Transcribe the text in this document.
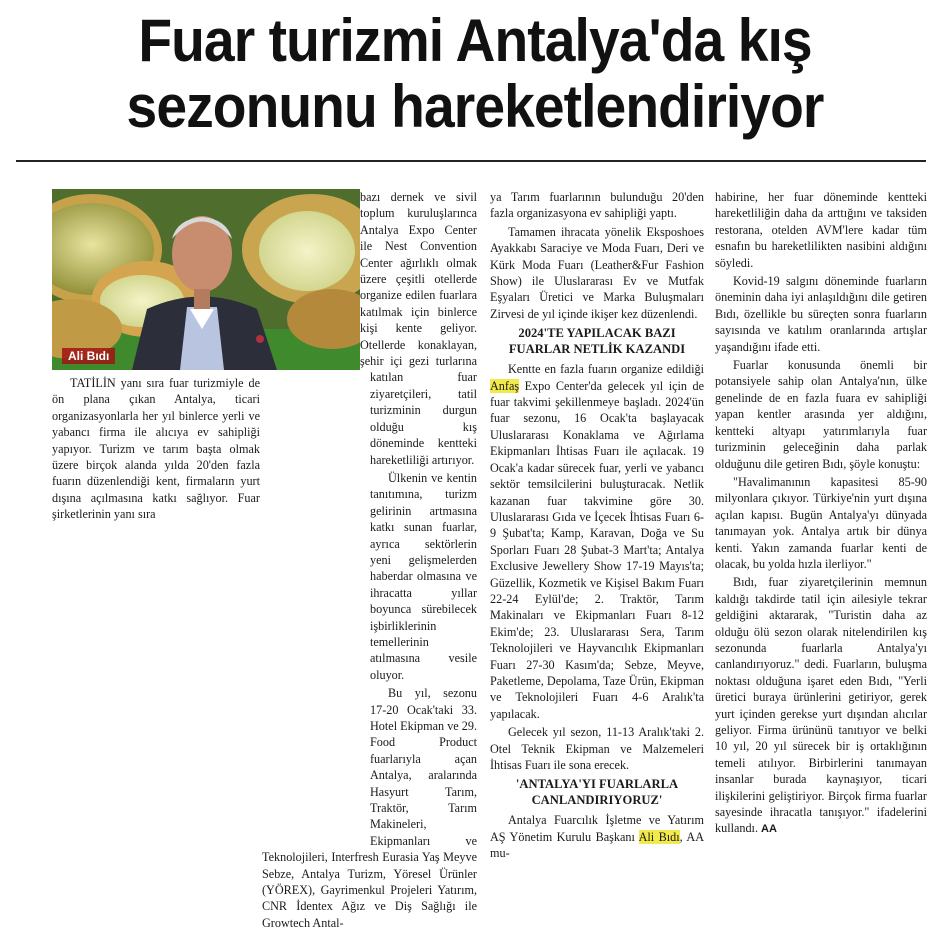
Fuar turizmi Antalya'da kış
sezonunu hareketlendiriyor
Ali Bıdı

TATİLİN yanı sıra fuar turizmiyle de ön plana çıkan Antalya, ticari organizasyonlarla her yıl binlerce yerli ve yabancı firma ile alıcıya ev sahipliği yapıyor. Turizm ve tarım başta olmak üzere birçok alanda yılda 20'den fazla fuarın düzenlendiği kent, firmaların yurt dışına açılmasına katkı sağlıyor. Fuar şirketlerinin yanı sıra

bazı dernek ve sivil toplum kuruluşlarınca Antalya Expo Center ile Nest Convention Center ağırlıklı olmak üzere çeşitli otellerde organize edilen fuarlara katılmak için binlerce kişi kente geliyor. Otellerde konaklayan, şehir içi gezi turlarına katılan fuar ziyaretçileri, tatil turizminin durgun olduğu kış döneminde kentteki hareketliliği artırıyor.

Ülkenin ve kentin tanıtımına, turizm gelirinin artmasına katkı sunan fuarlar, ayrıca sektörlerin yeni gelişmelerden haberdar olmasına ve ihracatta yıllar boyunca sürebilecek işbirliklerinin temellerinin atılmasına vesile oluyor.

Bu yıl, sezonu 17-20 Ocak'taki 33. Hotel Ekipman ve 29. Food Product fuarlarıyla açan Antalya, aralarında Hasyurt Tarım, Traktör, Tarım Makineleri, Ekipmanları ve Teknolojileri, Interfresh Eurasia Yaş Meyve Sebze, Antalya Turizm, Yöresel Ürünler (YÖREX), Gayrimenkul Projeleri Yatırım, CNR İdentex Ağız ve Diş Sağlığı ile Growtech Antal-

ya Tarım fuarlarının bulunduğu 20'den fazla organizasyona ev sahipliği yaptı.

Tamamen ihracata yönelik Eksposhoes Ayakkabı Saraciye ve Moda Fuarı, Deri ve Kürk Moda Fuarı (Leather&Fur Fashion Show) ile Uluslararası Ev ve Mutfak Eşyaları Üretici ve Marka Buluşmaları Zirvesi de yıl içinde ikişer kez düzenlendi.

2024'TE YAPILACAK BAZI FUARLAR NETLİK KAZANDI

Kentte en fazla fuarın organize edildiği Anfaş Expo Center'da gelecek yıl için de fuar takvimi şekillenmeye başladı. 2024'ün fuar sezonu, 16 Ocak'ta başlayacak Uluslararası Konaklama ve Ağırlama Ekipmanları İhtisas Fuarı ile açılacak. 19 Ocak'a kadar sürecek fuar, yerli ve yabancı sektör temsilcilerini buluşturacak. Netlik kazanan fuar takvimine göre 30. Uluslararası Gıda ve İçecek İhtisas Fuarı 6-9 Şubat'ta; Kamp, Karavan, Doğa ve Su Sporları Fuarı 28 Şubat-3 Mart'ta; Antalya Exclusive Jewellery Show 17-19 Mayıs'ta; Güzellik, Kozmetik ve Kişisel Bakım Fuarı 22-24 Eylül'de; 2. Traktör, Tarım Makinaları ve Ekipmanları Fuarı 8-12 Ekim'de; 23. Uluslararası Sera, Tarım Teknolojileri ve Hayvancılık Ekipmanları Fuarı 27-30 Kasım'da; Sebze, Meyve, Paketleme, Depolama, Taze Ürün, Ekipman ve Teknolojileri Fuarı 4-6 Aralık'ta yapılacak.

Gelecek yıl sezon, 11-13 Aralık'taki 2. Otel Teknik Ekipman ve Malzemeleri İhtisas Fuarı ile sona erecek.

'ANTALYA'YI FUARLARLA CANLANDIRIYORUZ'

Antalya Fuarcılık İşletme ve Yatırım AŞ Yönetim Kurulu Başkanı Ali Bıdı, AA mu-

habirine, her fuar döneminde kentteki hareketliliğin daha da arttığını ve taksiden restorana, otelden AVM'lere kadar tüm esnafın bu hareketlilikten nasibini aldığını söyledi.

Kovid-19 salgını döneminde fuarların öneminin daha iyi anlaşıldığını dile getiren Bıdı, özellikle bu süreçten sonra fuarların sayısında ve katılım oranlarında artışlar yaşandığını ifade etti.

Fuarlar konusunda önemli bir potansiyele sahip olan Antalya'nın, ülke genelinde de en fazla fuara ev sahipliği yapan kentler arasında yer aldığını, kentteki altyapı yatırımlarıyla fuar turizminin geleceğinin daha parlak olduğunu dile getiren Bıdı, şöyle konuştu:

"Havalimanının kapasitesi 85-90 milyonlara çıkıyor. Türkiye'nin yurt dışına açılan kapısı. Bugün Antalya'yı dünyada tanımayan yok. Antalya artık bir dünya kenti. Yakın zamanda fuarlar kenti de olacak, bu yolda hızla ilerliyor."

Bıdı, fuar ziyaretçilerinin memnun kaldığı takdirde tatil için ailesiyle tekrar geldiğini aktararak, "Turistin daha az olduğu ölü sezon olarak nitelendirilen kış sezonunda fuarlarla Antalya'yı canlandırıyoruz." dedi. Fuarların, buluşma noktası olduğuna işaret eden Bıdı, "Yerli üretici buraya ürünlerini getiriyor, gerek yurt içinden gerekse yurt dışından alıcılar geliyor. Firma ürününü tanıtıyor ve belki 10 yıl, 20 yıl sürecek bir iş ortaklığının temeli atılıyor. Birbirlerini tanımayan insanlar burada kaynaşıyor, ticari ilişkilerini geliştiriyor. Birçok firma fuarlar sayesinde ihracatla tanışıyor." ifadelerini kullandı. AA
